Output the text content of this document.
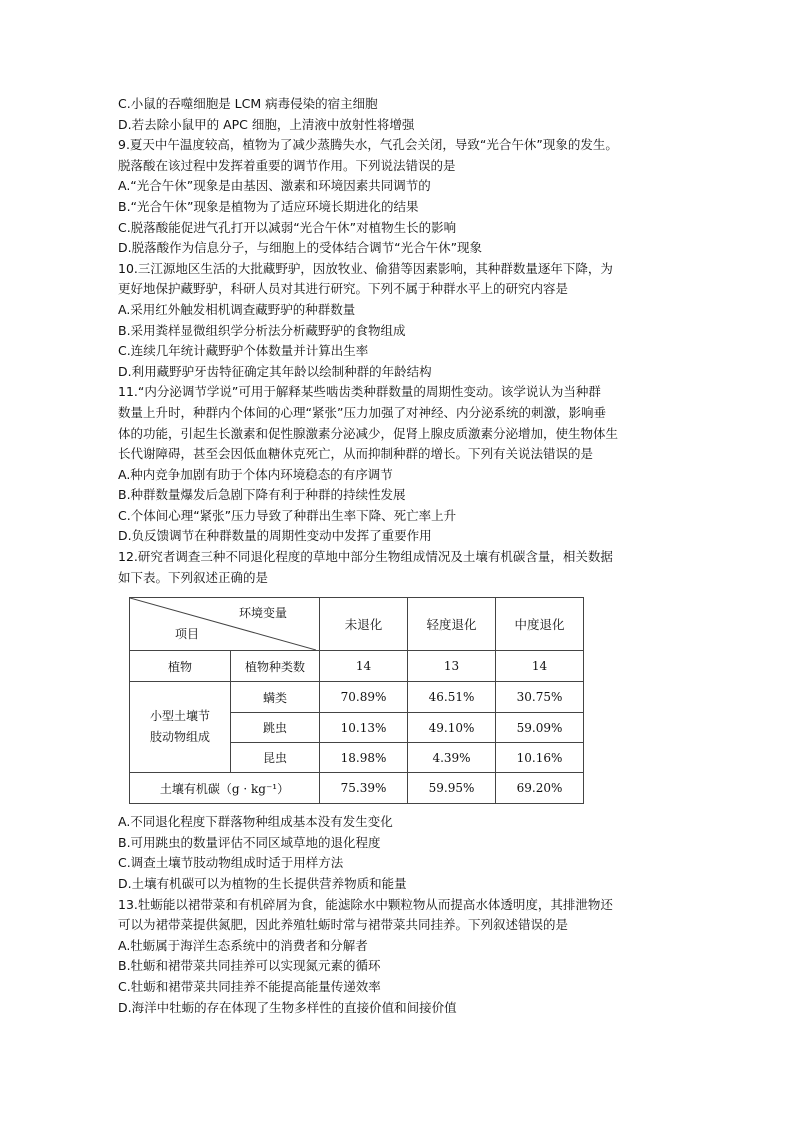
C.小鼠的吞噬细胞是 LCM 病毒侵染的宿主细胞
D.若去除小鼠甲的 APC 细胞，上清液中放射性将增强
9.夏天中午温度较高，植物为了减少蒸腾失水，气孔会关闭，导致“光合午休”现象的发生。
脱落酸在该过程中发挥着重要的调节作用。下列说法错误的是
A.“光合午休”现象是由基因、激素和环境因素共同调节的
B.“光合午休”现象是植物为了适应环境长期进化的结果
C.脱落酸能促进气孔打开以减弱“光合午休”对植物生长的影响
D.脱落酸作为信息分子，与细胞上的受体结合调节“光合午休”现象
10.三江源地区生活的大批藏野驴，因放牧业、偷猎等因素影响，其种群数量逐年下降，为
更好地保护藏野驴，科研人员对其进行研究。下列不属于种群水平上的研究内容是
A.采用红外触发相机调查藏野驴的种群数量
B.采用粪样显微组织学分析法分析藏野驴的食物组成
C.连续几年统计藏野驴个体数量并计算出生率
D.利用藏野驴牙齿特征确定其年龄以绘制种群的年龄结构
11.“内分泌调节学说”可用于解释某些啮齿类种群数量的周期性变动。该学说认为当种群
数量上升时，种群内个体间的心理“紧张”压力加强了对神经、内分泌系统的刺激，影响垂
体的功能，引起生长激素和促性腺激素分泌减少，促肾上腺皮质激素分泌增加，使生物体生
长代谢障碍，甚至会因低血糖休克死亡，从而抑制种群的增长。下列有关说法错误的是
A.种内竞争加剧有助于个体内环境稳态的有序调节
B.种群数量爆发后急剧下降有利于种群的持续性发展
C.个体间心理“紧张”压力导致了种群出生率下降、死亡率上升
D.负反馈调节在种群数量的周期性变动中发挥了重要作用
12.研究者调查三种不同退化程度的草地中部分生物组成情况及土壤有机碳含量，相关数据
如下表。下列叙述正确的是
环境变量
项目		未退化	轻度退化	中度退化
植物	植物种类数	14	13	14

小型土壤节
肢动物组成	螨类	70.89%	46.51%	30.75%
	跳虫	10.13%	49.10%	59.09%
	昆虫	18.98%	4.39%	10.16%
土壤有机碳（g · kg⁻¹）		75.39%	59.95%	69.20%
A.不同退化程度下群落物种组成基本没有发生变化
B.可用跳虫的数量评估不同区域草地的退化程度
C.调查土壤节肢动物组成时适于用样方法
D.土壤有机碳可以为植物的生长提供营养物质和能量
13.牡蛎能以裙带菜和有机碎屑为食，能滤除水中颗粒物从而提高水体透明度，其排泄物还
可以为裙带菜提供氮肥，因此养殖牡蛎时常与裙带菜共同挂养。下列叙述错误的是
A.牡蛎属于海洋生态系统中的消费者和分解者
B.牡蛎和裙带菜共同挂养可以实现氮元素的循环
C.牡蛎和裙带菜共同挂养不能提高能量传递效率
D.海洋中牡蛎的存在体现了生物多样性的直接价值和间接价值
